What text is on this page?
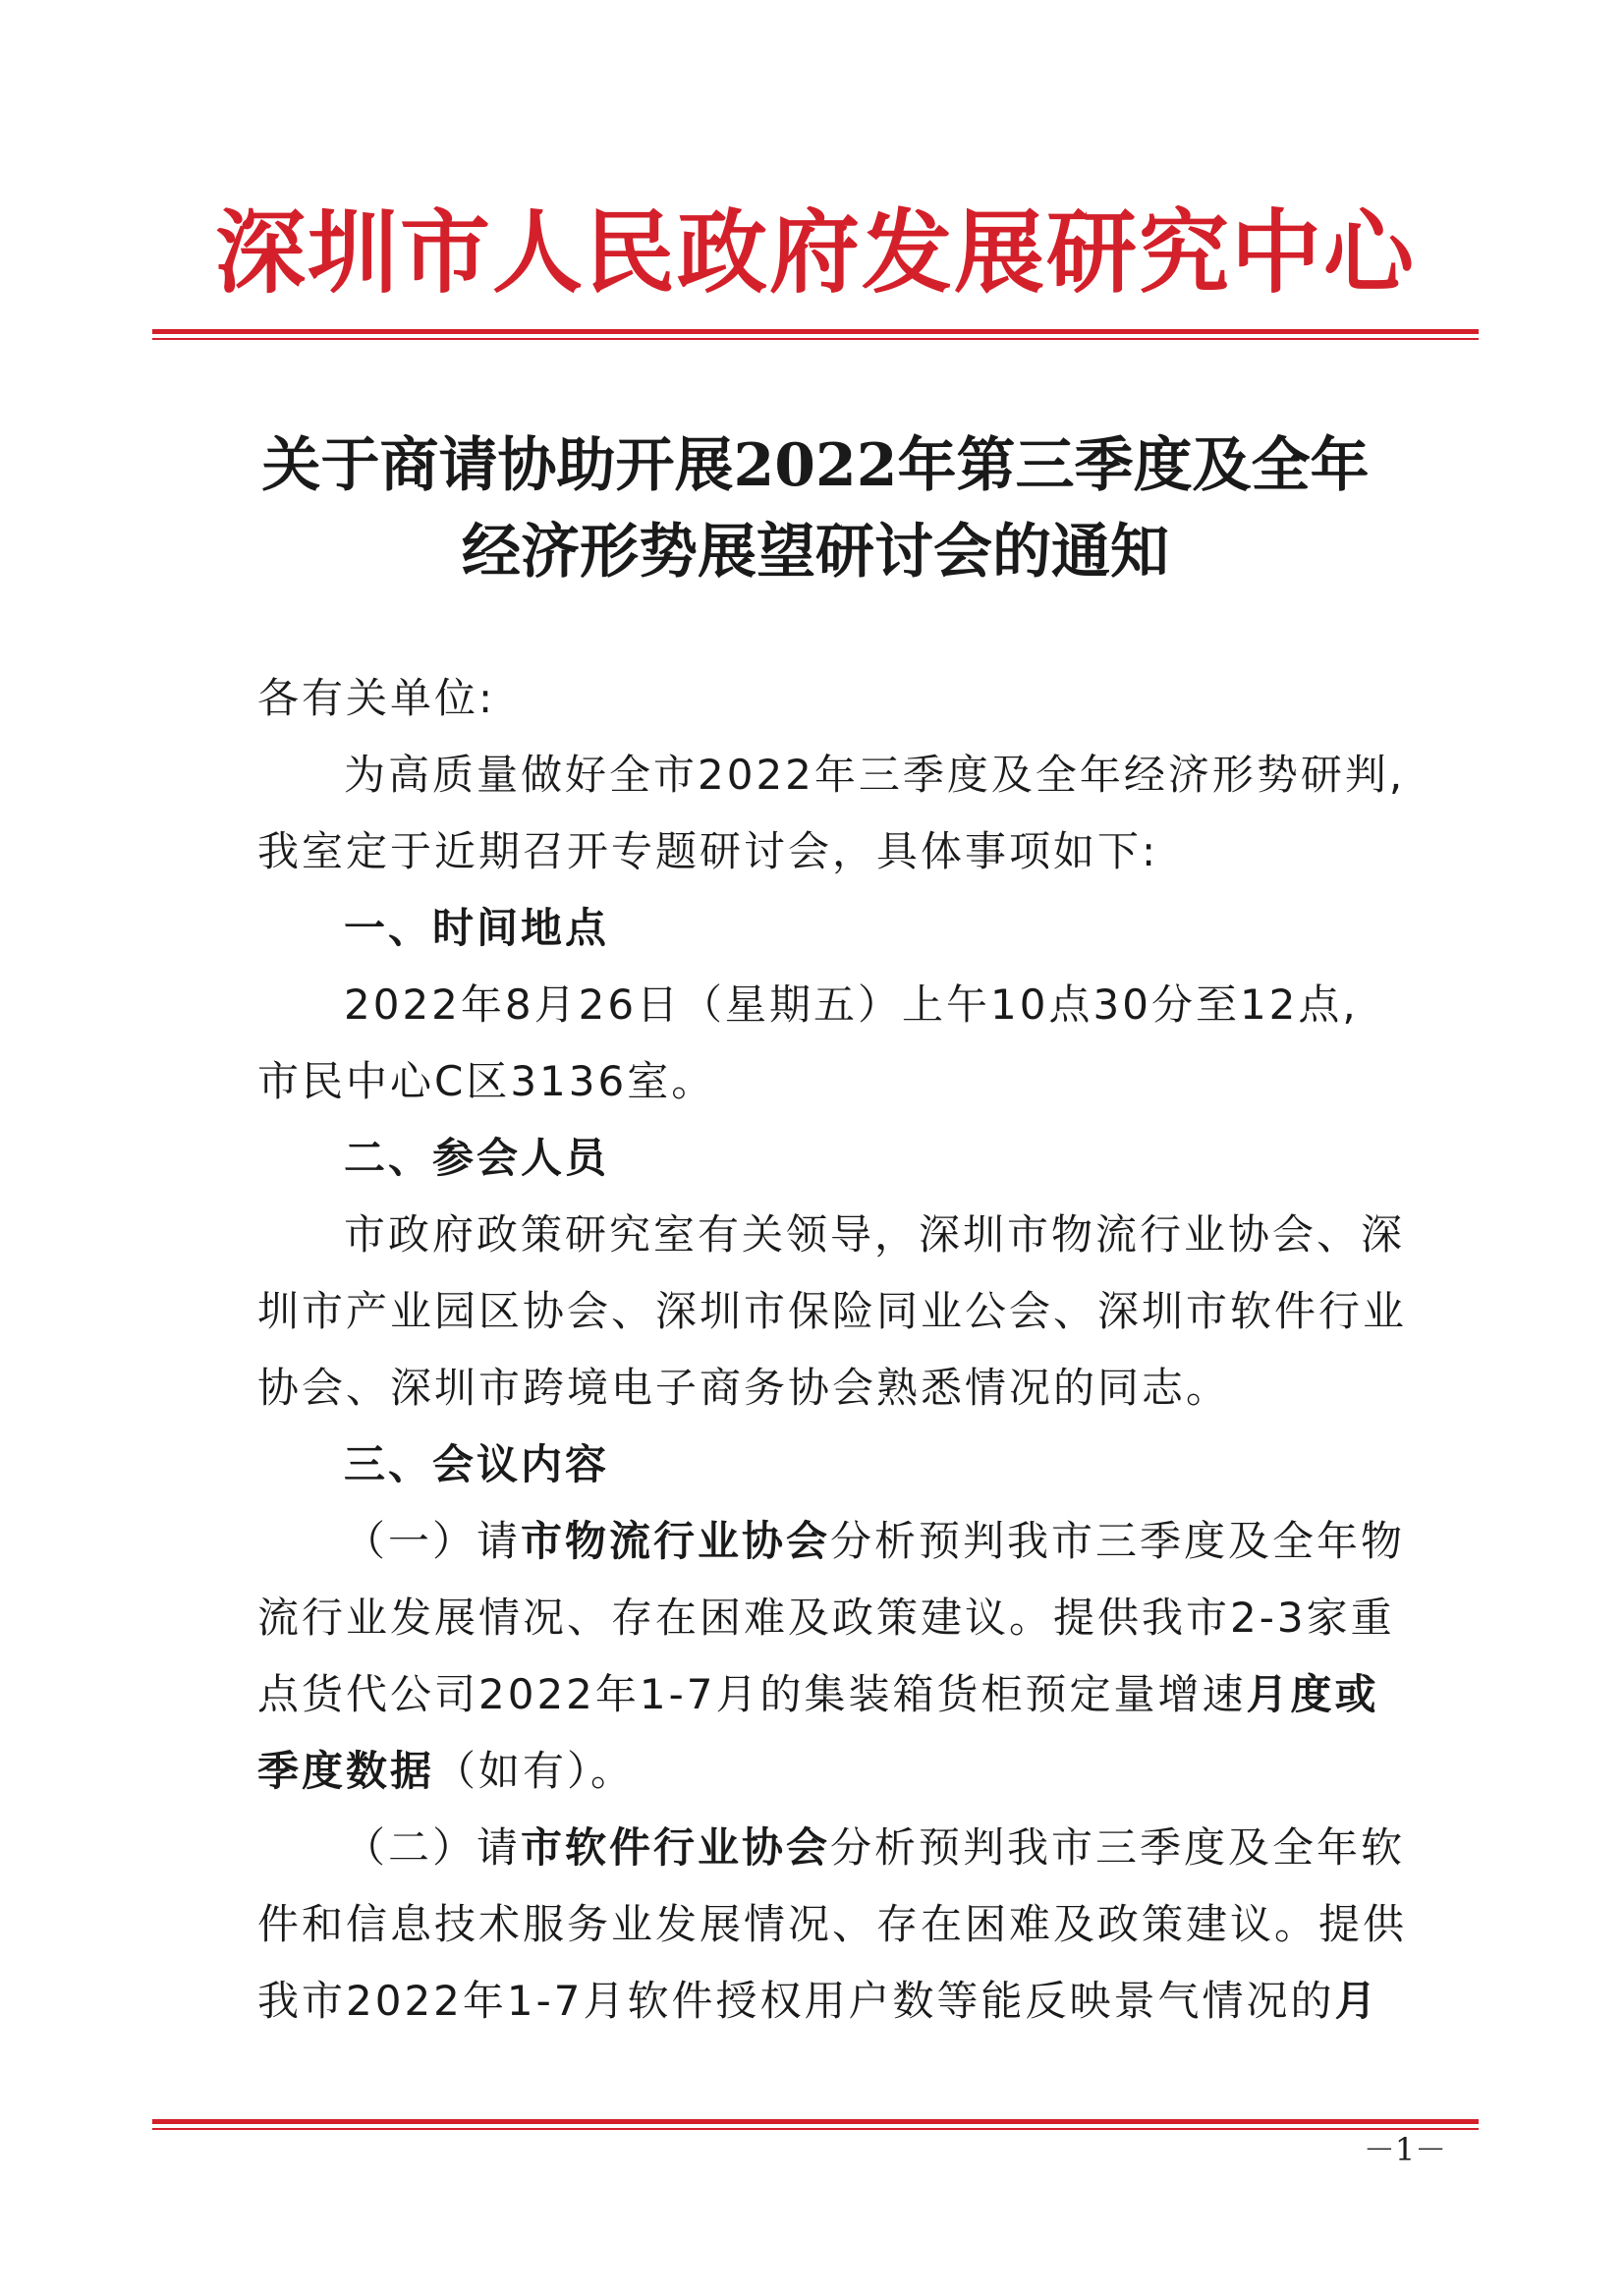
深圳市人民政府发展研究中心
关于商请协助开展2022年第三季度及全年
经济形势展望研讨会的通知

各有关单位:

为高质量做好全市2022年三季度及全年经济形势研判,

我室定于近期召开专题研讨会，具体事项如下:

一、时间地点

2022年8月26日（星期五）上午10点30分至12点,

市民中心C区3136室。

二、参会人员

市政府政策研究室有关领导，深圳市物流行业协会、深

圳市产业园区协会、深圳市保险同业公会、深圳市软件行业

协会、深圳市跨境电子商务协会熟悉情况的同志。

三、会议内容

（一）请市物流行业协会分析预判我市三季度及全年物

流行业发展情况、存在困难及政策建议。提供我市2-3家重

点货代公司2022年1-7月的集装箱货柜预定量增速月度或

季度数据（如有）。

（二）请市软件行业协会分析预判我市三季度及全年软

件和信息技术服务业发展情况、存在困难及政策建议。提供

我市2022年1-7月软件授权用户数等能反映景气情况的月

－1－
